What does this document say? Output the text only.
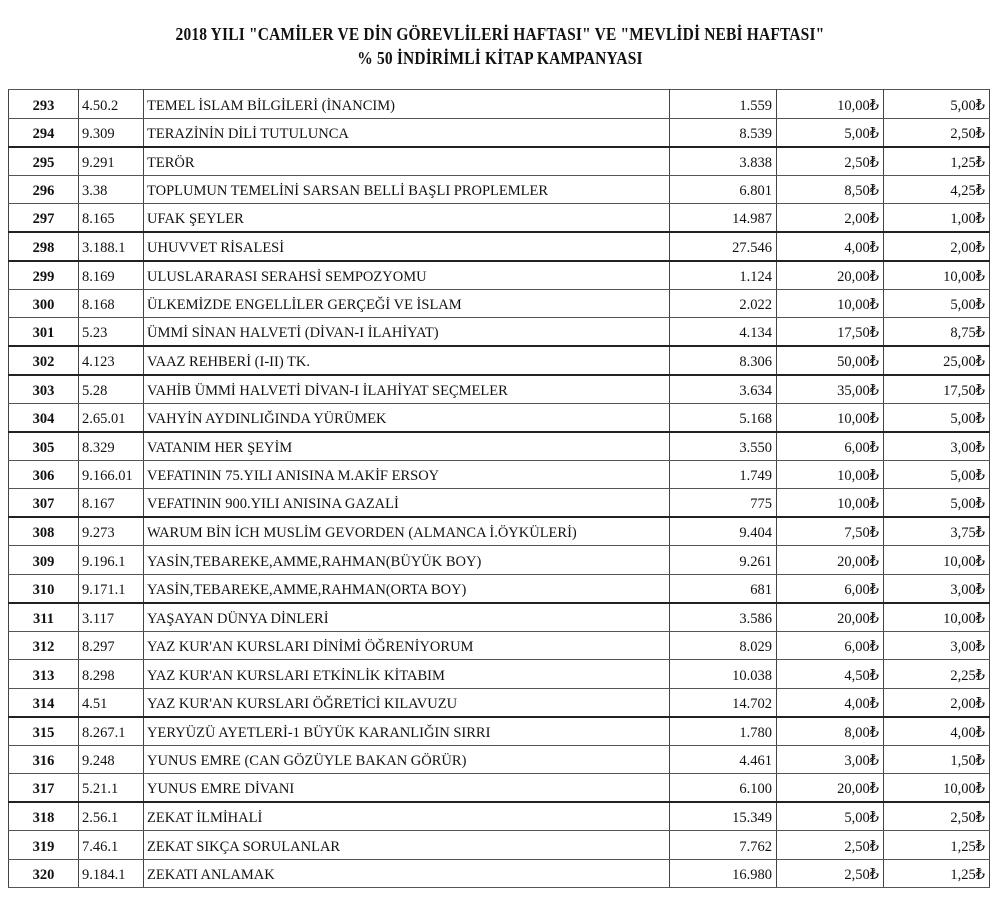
2018 YILI "CAMİLER VE DİN GÖREVLİLERİ HAFTASI" VE "MEVLİDİ NEBİ HAFTASI"
% 50 İNDİRİMLİ KİTAP KAMPANYASI
293	4.50.2	TEMEL İSLAM BİLGİLERİ (İNANCIM)	1.559	10,00₺	5,00₺
294	9.309	TERAZİNİN DİLİ TUTULUNCA	8.539	5,00₺	2,50₺
295	9.291	TERÖR	3.838	2,50₺	1,25₺
296	3.38	TOPLUMUN TEMELİNİ SARSAN BELLİ BAŞLI PROPLEMLER	6.801	8,50₺	4,25₺
297	8.165	UFAK ŞEYLER	14.987	2,00₺	1,00₺
298	3.188.1	UHUVVET RİSALESİ	27.546	4,00₺	2,00₺
299	8.169	ULUSLARARASI SERAHSİ SEMPOZYOMU	1.124	20,00₺	10,00₺
300	8.168	ÜLKEMİZDE ENGELLİLER GERÇEĞİ VE İSLAM	2.022	10,00₺	5,00₺
301	5.23	ÜMMİ SİNAN HALVETİ (DİVAN-I İLAHİYAT)	4.134	17,50₺	8,75₺
302	4.123	VAAZ REHBERİ (I-II) TK.	8.306	50,00₺	25,00₺
303	5.28	VAHİB ÜMMİ HALVETİ DİVAN-I İLAHİYAT SEÇMELER	3.634	35,00₺	17,50₺
304	2.65.01	VAHYİN AYDINLIĞINDA YÜRÜMEK	5.168	10,00₺	5,00₺
305	8.329	VATANIM HER ŞEYİM	3.550	6,00₺	3,00₺
306	9.166.01	VEFATININ 75.YILI ANISINA M.AKİF ERSOY	1.749	10,00₺	5,00₺
307	8.167	VEFATININ 900.YILI ANISINA GAZALİ	775	10,00₺	5,00₺
308	9.273	WARUM BİN İCH MUSLİM GEVORDEN (ALMANCA İ.ÖYKÜLERİ)	9.404	7,50₺	3,75₺
309	9.196.1	YASİN,TEBAREKE,AMME,RAHMAN(BÜYÜK BOY)	9.261	20,00₺	10,00₺
310	9.171.1	YASİN,TEBAREKE,AMME,RAHMAN(ORTA BOY)	681	6,00₺	3,00₺
311	3.117	YAŞAYAN DÜNYA DİNLERİ	3.586	20,00₺	10,00₺
312	8.297	YAZ KUR'AN KURSLARI DİNİMİ ÖĞRENİYORUM	8.029	6,00₺	3,00₺
313	8.298	YAZ KUR'AN KURSLARI ETKİNLİK KİTABIM	10.038	4,50₺	2,25₺
314	4.51	YAZ KUR'AN KURSLARI ÖĞRETİCİ KILAVUZU	14.702	4,00₺	2,00₺
315	8.267.1	YERYÜZÜ AYETLERİ-1 BÜYÜK KARANLIĞIN SIRRI	1.780	8,00₺	4,00₺
316	9.248	YUNUS EMRE (CAN GÖZÜYLE BAKAN GÖRÜR)	4.461	3,00₺	1,50₺
317	5.21.1	YUNUS EMRE DİVANI	6.100	20,00₺	10,00₺
318	2.56.1	ZEKAT İLMİHALİ	15.349	5,00₺	2,50₺
319	7.46.1	ZEKAT SIKÇA SORULANLAR	7.762	2,50₺	1,25₺
320	9.184.1	ZEKATI ANLAMAK	16.980	2,50₺	1,25₺
